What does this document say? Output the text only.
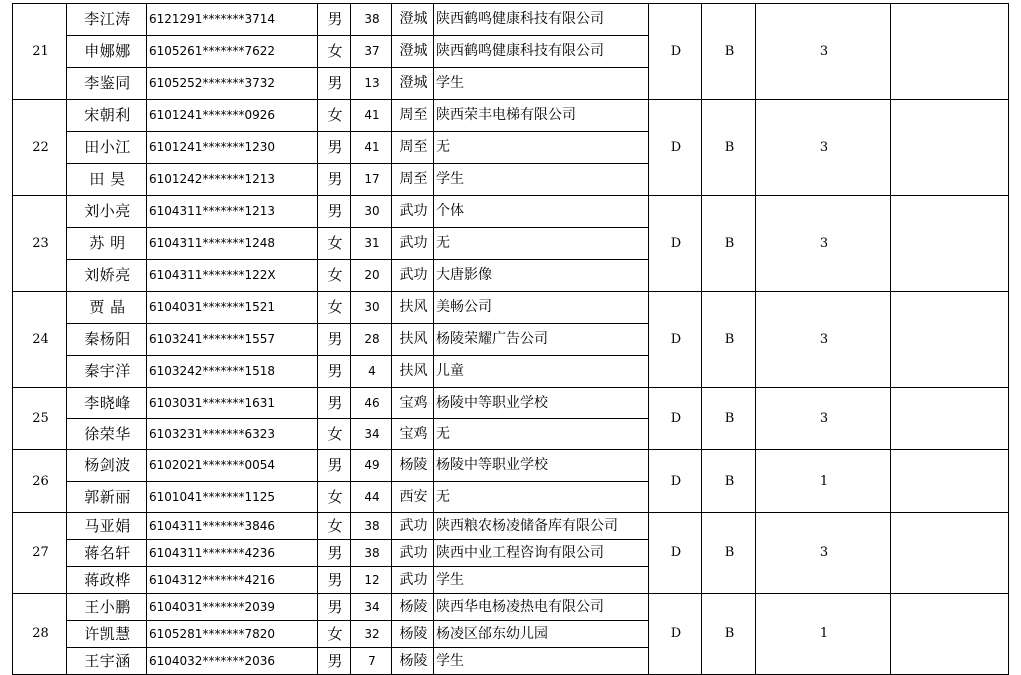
21	李江涛	6121291*******3714	男	38	澄城	陕西鹤鸣健康科技有限公司	D	B	3	
	申娜娜	6105261*******7622	女	37	澄城	陕西鹤鸣健康科技有限公司				
	李鉴同	6105252*******3732	男	13	澄城	学生				
22	宋朝利	6101241*******0926	女	41	周至	陕西荣丰电梯有限公司	D	B	3	
	田小江	6101241*******1230	男	41	周至	无				
	田 昊	6101242*******1213	男	17	周至	学生				
23	刘小亮	6104311*******1213	男	30	武功	个体	D	B	3	
	苏 明	6104311*******1248	女	31	武功	无				
	刘娇亮	6104311*******122X	女	20	武功	大唐影像				
24	贾 晶	6104031*******1521	女	30	扶风	美畅公司	D	B	3	
	秦杨阳	6103241*******1557	男	28	扶风	杨陵荣耀广告公司				
	秦宇洋	6103242*******1518	男	4	扶风	儿童				
25	李晓峰	6103031*******1631	男	46	宝鸡	杨陵中等职业学校	D	B	3	
	徐荣华	6103231*******6323	女	34	宝鸡	无				
26	杨剑波	6102021*******0054	男	49	杨陵	杨陵中等职业学校	D	B	1	
	郭新丽	6101041*******1125	女	44	西安	无				
27	马亚娟	6104311*******3846	女	38	武功	陕西粮农杨凌储备库有限公司	D	B	3	
	蒋名轩	6104311*******4236	男	38	武功	陕西中业工程咨询有限公司				
	蒋政桦	6104312*******4216	男	12	武功	学生				
28	王小鹏	6104031*******2039	男	34	杨陵	陕西华电杨凌热电有限公司	D	B	1	
	许凯慧	6105281*******7820	女	32	杨陵	杨凌区邰东幼儿园				
	王宇涵	6104032*******2036	男	7	杨陵	学生				
